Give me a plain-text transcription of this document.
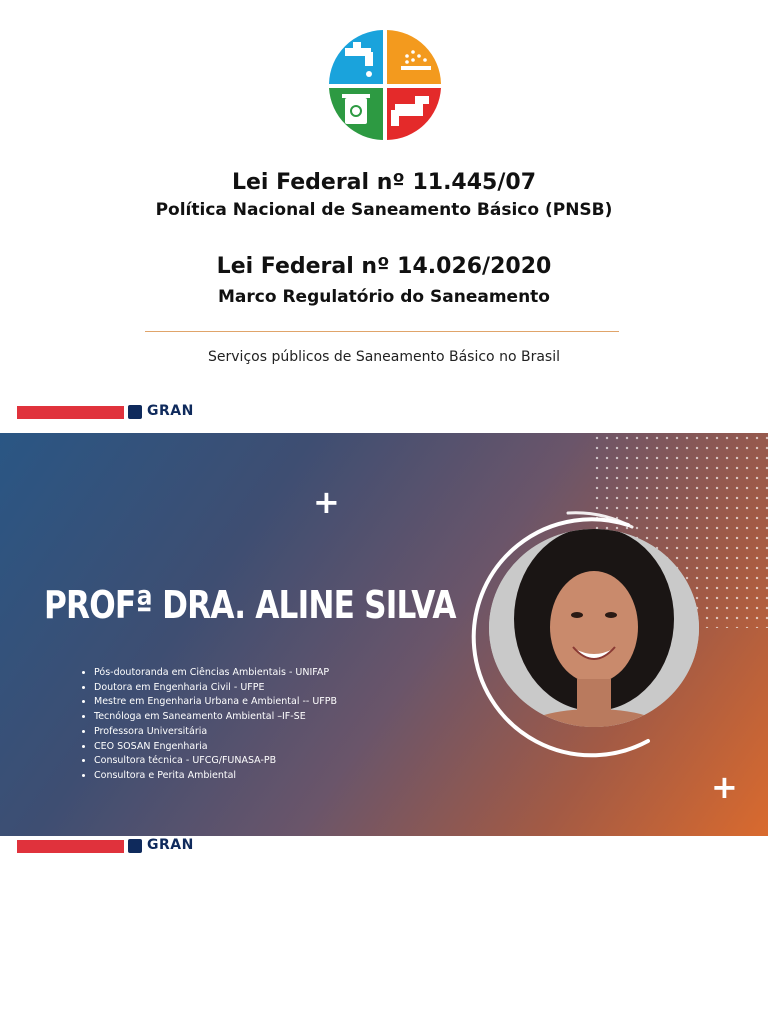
Lei Federal nº 11.445/07
Política Nacional de Saneamento Básico (PNSB)
Lei Federal nº 14.026/2020
Marco Regulatório do Saneamento

Serviços públicos de Saneamento Básico no Brasil

GRAN
+
+
PROFª DRA. ALINE SILVA
• Pós-doutoranda em Ciências Ambientais - UNIFAP
• Doutora em Engenharia Civil - UFPE
• Mestre em Engenharia Urbana e Ambiental -- UFPB
• Tecnóloga em Saneamento Ambiental –IF-SE
• Professora Universitária
• CEO SOSAN Engenharia
• Consultora técnica - UFCG/FUNASA-PB
• Consultora e Perita Ambiental
GRAN
